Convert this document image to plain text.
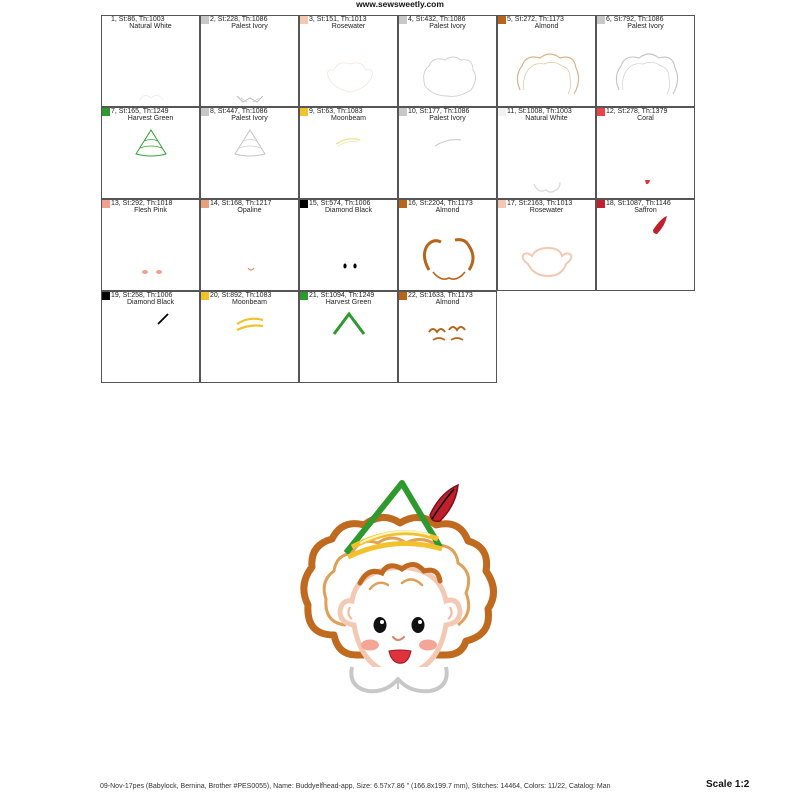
www.sewsweetly.com
1, St:86, Th:1003
Natural White
2, St:228, Th:1086
Palest Ivory
3, St:151, Th:1013
Rosewater
4, St:432, Th:1086
Palest Ivory
5, St:272, Th:1173
Almond
6, St:792, Th:1086
Palest Ivory
7, St:165, Th:1249
Harvest Green
8, St:447, Th:1086
Palest Ivory
9, St:63, Th:1083
Moonbeam
10, St:177, Th:1086
Palest Ivory
11, St:1008, Th:1003
Natural White
12, St:278, Th:1379
Coral
13, St:292, Th:1018
Flesh Pink
14, St:168, Th:1217
Opaline
15, St:574, Th:1006
Diamond Black
16, St:2204, Th:1173
Almond
17, St:2163, Th:1013
Rosewater
18, St:1087, Th:1146
Saffron
19, St:258, Th:1006
Diamond Black
20, St:892, Th:1083
Moonbeam
21, St:1094, Th:1249
Harvest Green
22, St:1633, Th:1173
Almond
09-Nov-17pes (Babylock, Bernina, Brother #PES0055), Name: Buddyelfhead-app, Size: 6.57x7.86 " (166.8x199.7 mm), Stitches: 14464, Colors: 11/22, Catalog: Man	Scale 1:2
